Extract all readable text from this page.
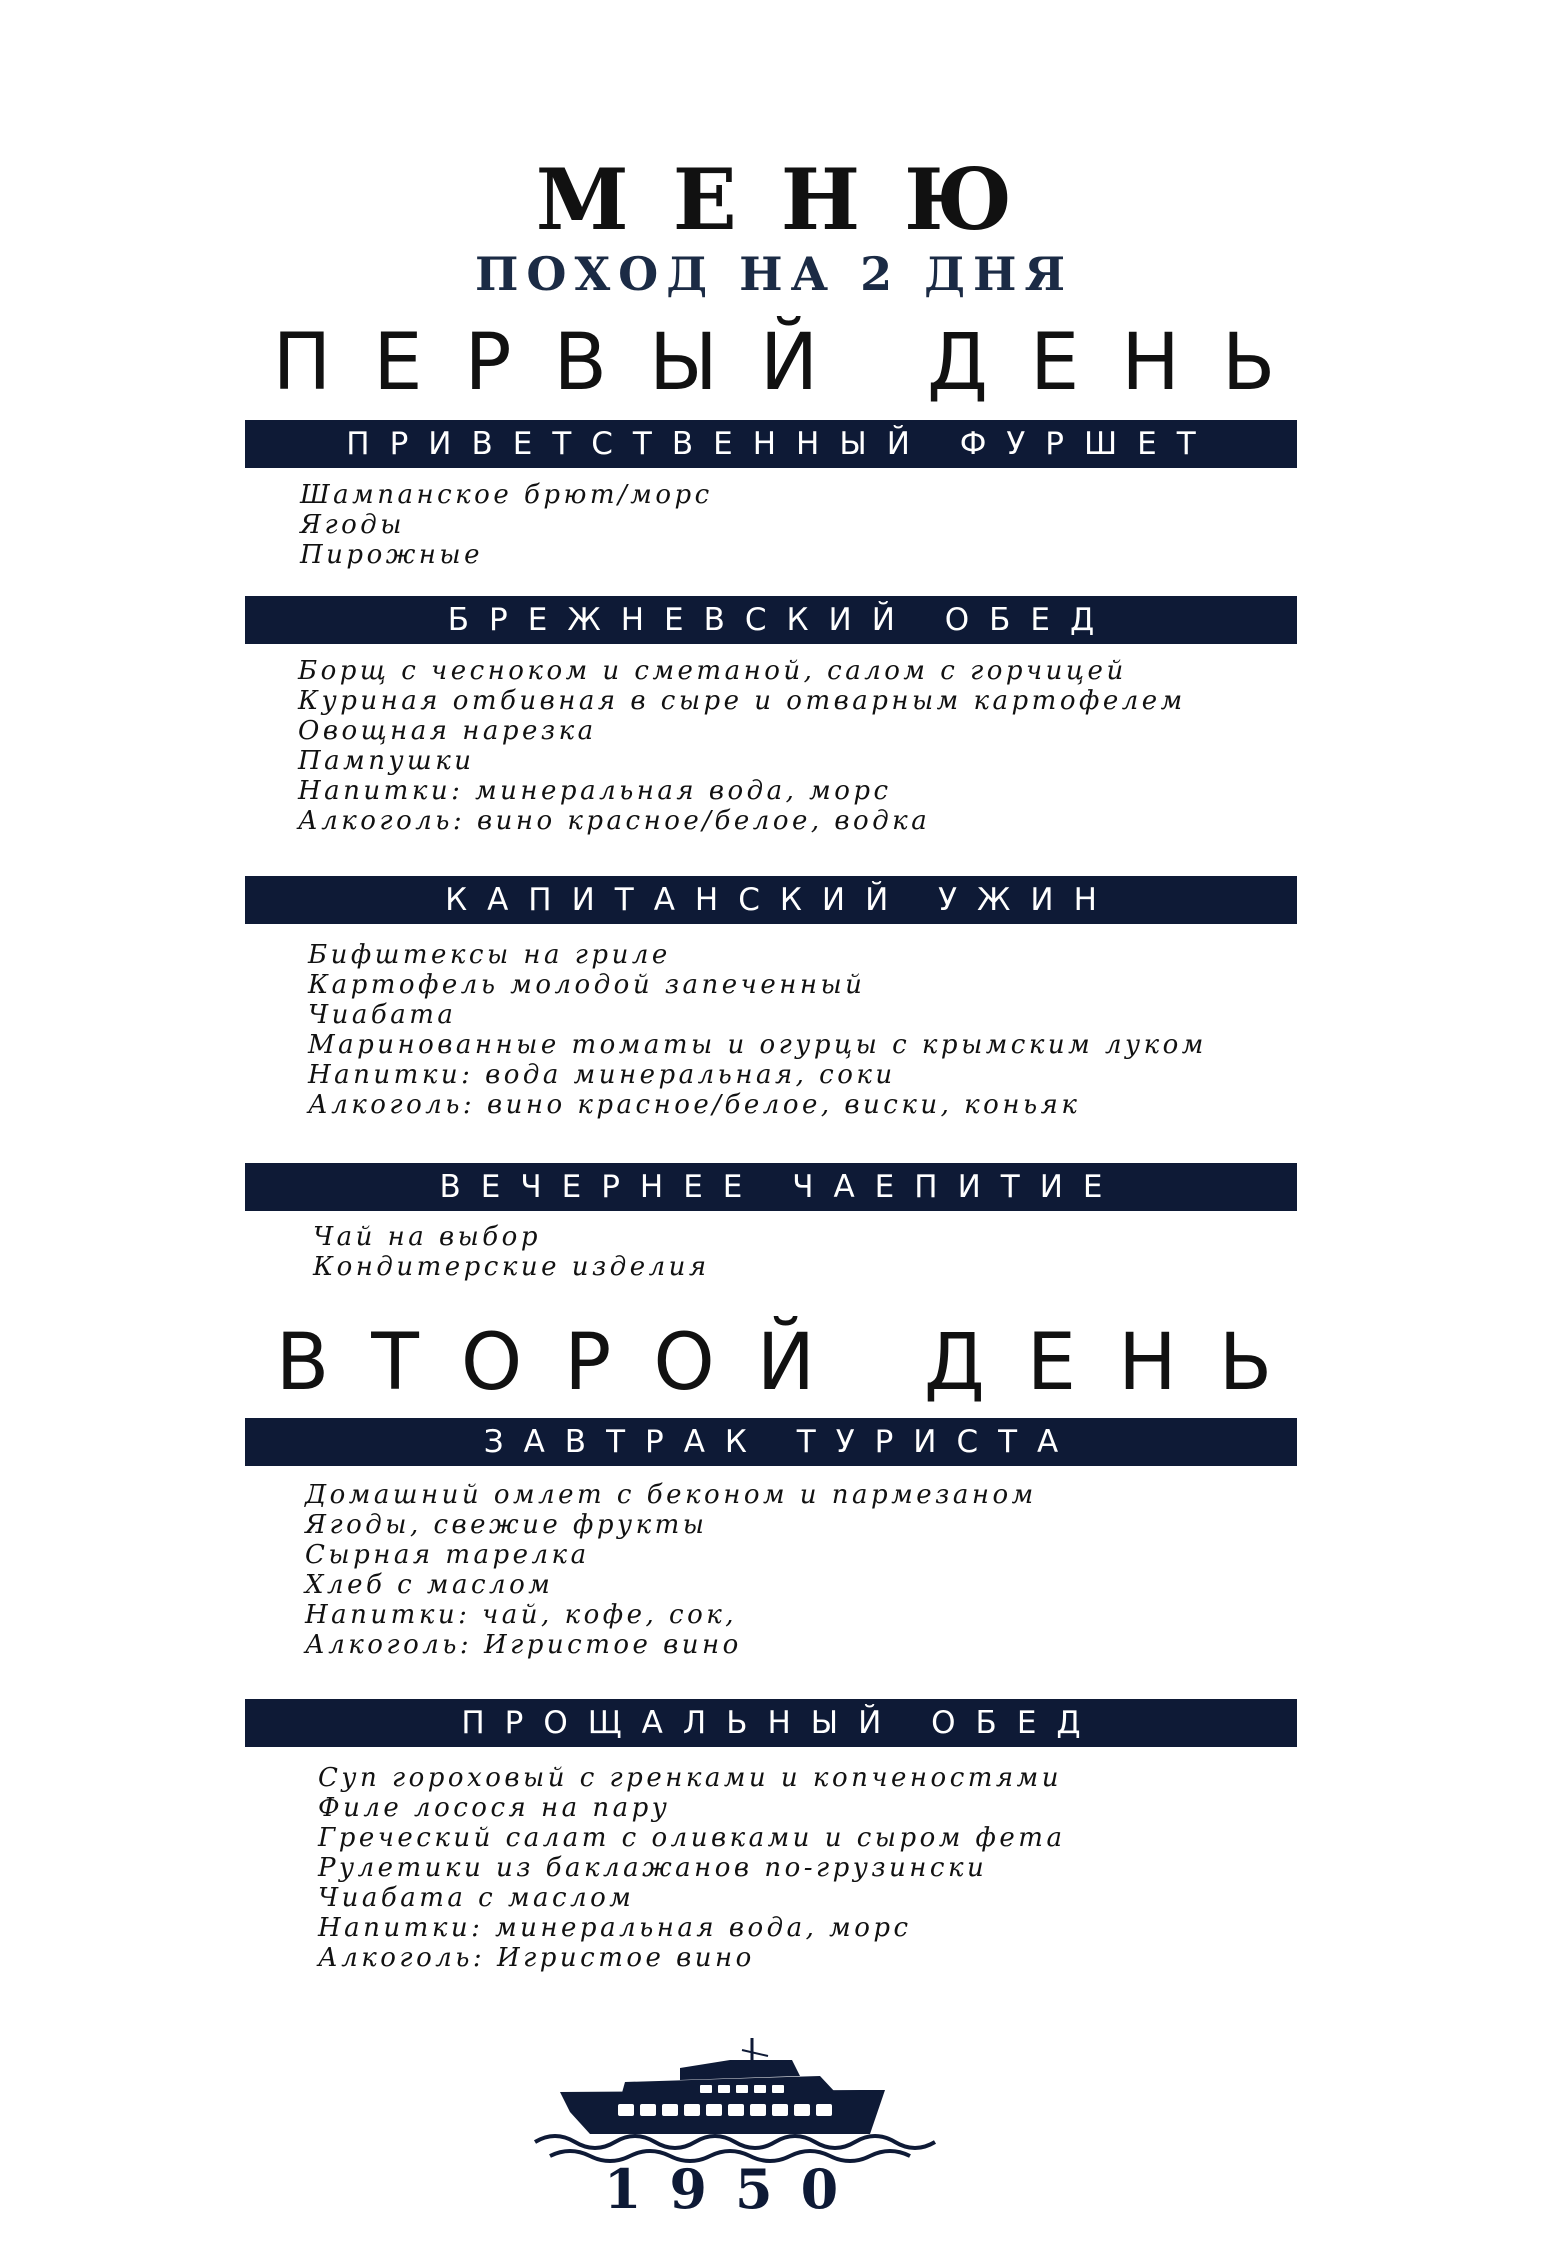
МЕНЮ
ПОХОД НА 2 ДНЯ
ПЕРВЫЙ ДЕНЬ
ПРИВЕТСТВЕННЫЙ ФУРШЕТ
Шампанское брют/морс
Ягоды
Пирожные
БРЕЖНЕВСКИЙ ОБЕД
Борщ с чесноком и сметаной, салом с горчицей
Куриная отбивная в сыре и отварным картофелем
Овощная нарезка
Пампушки
Напитки: минеральная вода, морс
Алкоголь: вино красное/белое, водка
КАПИТАНСКИЙ УЖИН
Бифштексы на гриле
Картофель молодой запеченный
Чиабата
Маринованные томаты и огурцы с крымским луком
Напитки: вода минеральная, соки
Алкоголь: вино красное/белое, виски, коньяк
ВЕЧЕРНЕЕ ЧАЕПИТИЕ
Чай на выбор
Кондитерские изделия
ВТОРОЙ ДЕНЬ
ЗАВТРАК ТУРИСТА
Домашний омлет с беконом и пармезаном
Ягоды, свежие фрукты
Сырная тарелка
Хлеб с маслом
Напитки: чай, кофе, сок,
Алкоголь: Игристое вино
ПРОЩАЛЬНЫЙ ОБЕД
Суп гороховый с гренками и копченостями
Филе лосося на пару
Греческий салат с оливками и сыром фета
Рулетики из баклажанов по-грузински
Чиабата с маслом
Напитки: минеральная вода, морс
Алкоголь: Игристое вино
1950
